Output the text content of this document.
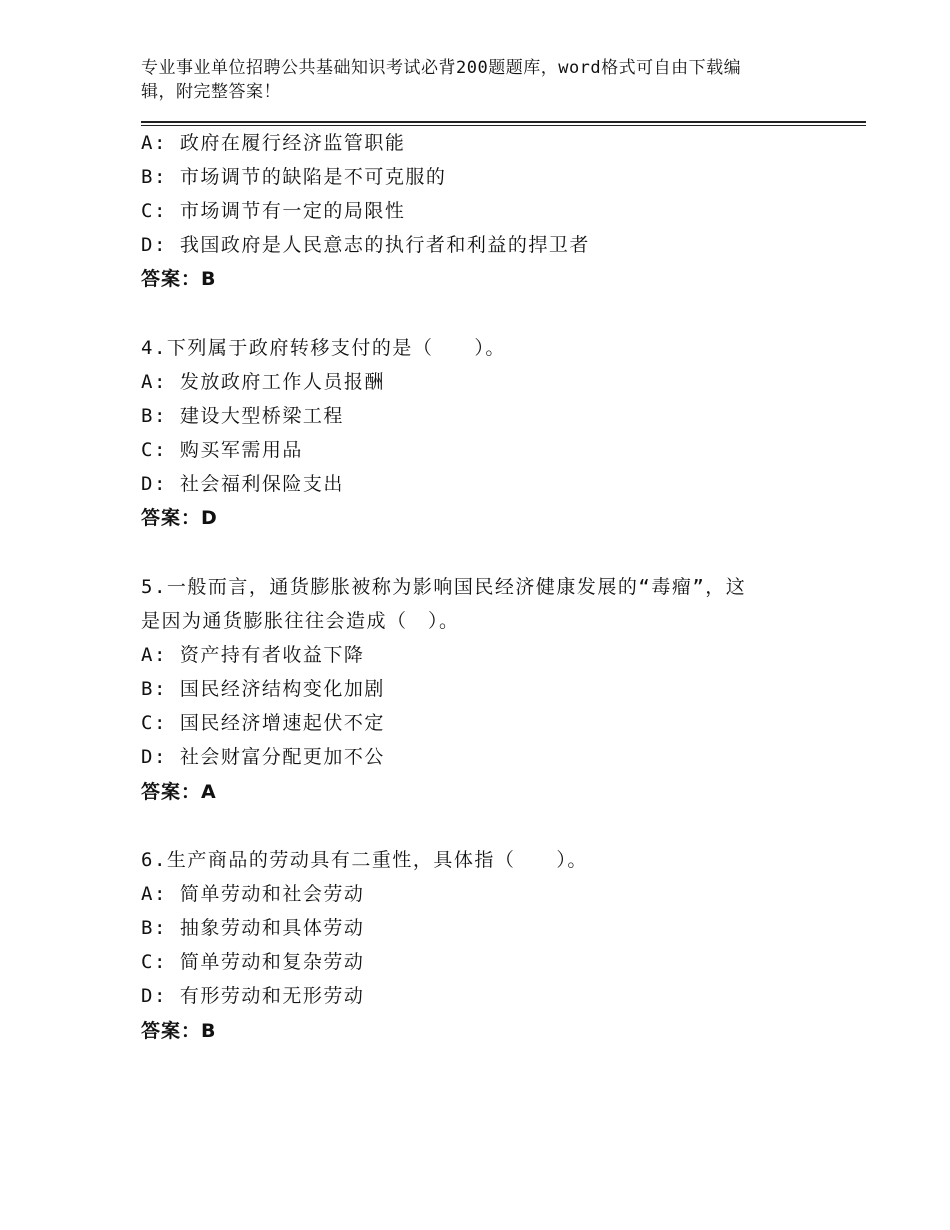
专业事业单位招聘公共基础知识考试必背200题题库，word格式可自由下载编
辑，附完整答案！
A: 政府在履行经济监管职能
B: 市场调节的缺陷是不可克服的
C: 市场调节有一定的局限性
D: 我国政府是人民意志的执行者和利益的捍卫者
答案：B
4.下列属于政府转移支付的是（　　）。
A: 发放政府工作人员报酬
B: 建设大型桥梁工程
C: 购买军需用品
D: 社会福利保险支出
答案：D
5.一般而言，通货膨胀被称为影响国民经济健康发展的“毒瘤”，这
是因为通货膨胀往往会造成（　）。
A: 资产持有者收益下降
B: 国民经济结构变化加剧
C: 国民经济增速起伏不定
D: 社会财富分配更加不公
答案：A
6.生产商品的劳动具有二重性，具体指（　　）。
A: 简单劳动和社会劳动
B: 抽象劳动和具体劳动
C: 简单劳动和复杂劳动
D: 有形劳动和无形劳动
答案：B
